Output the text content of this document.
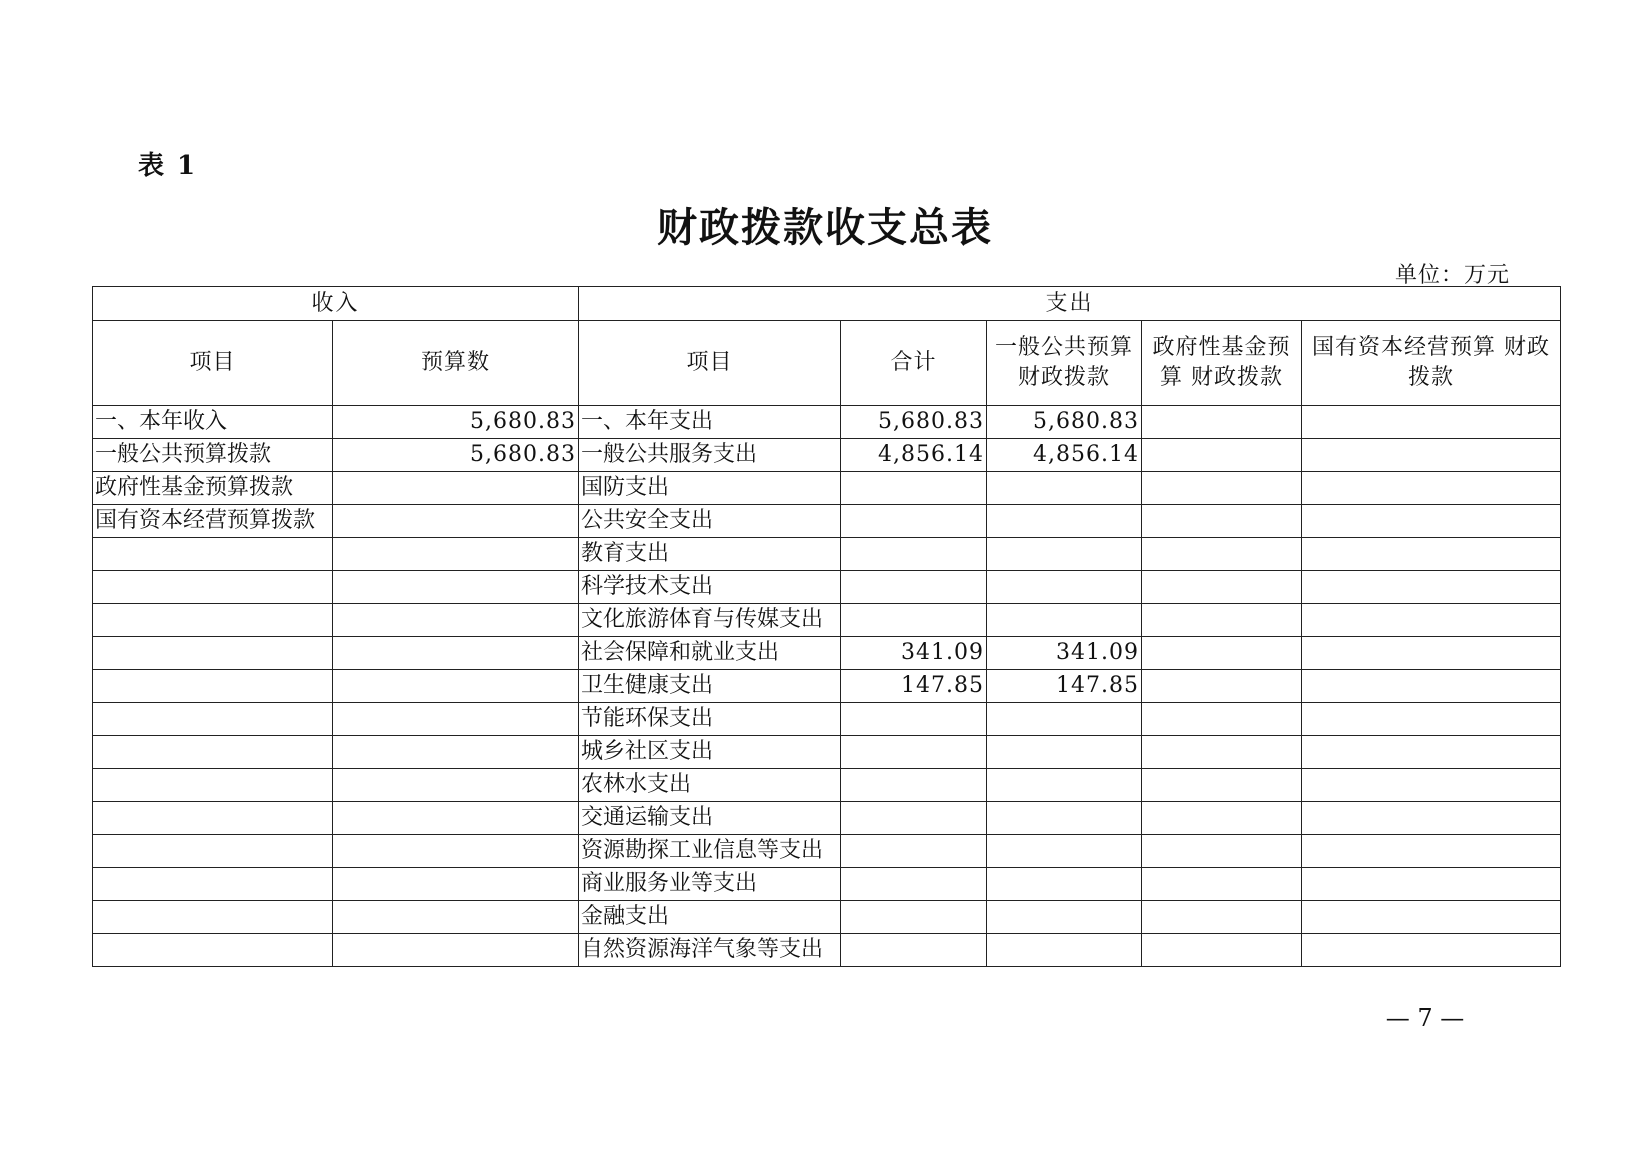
表 1
财政拨款收支总表
单位：万元
收入		支出				
项目	预算数	项目	合计	一般公共预算财政拨款	政府性基金预算 财政拨款	国有资本经营预算 财政拨款
一、本年收入	5,680.83	一、本年支出	5,680.83	5,680.83		
一般公共预算拨款	5,680.83	一般公共服务支出	4,856.14	4,856.14		
政府性基金预算拨款		国防支出				
国有资本经营预算拨款		公共安全支出				
		教育支出				
		科学技术支出				
		文化旅游体育与传媒支出				
		社会保障和就业支出	341.09	341.09		
		卫生健康支出	147.85	147.85		
		节能环保支出				
		城乡社区支出				
		农林水支出				
		交通运输支出				
		资源勘探工业信息等支出				
		商业服务业等支出				
		金融支出				
		自然资源海洋气象等支出				
— 7 —
